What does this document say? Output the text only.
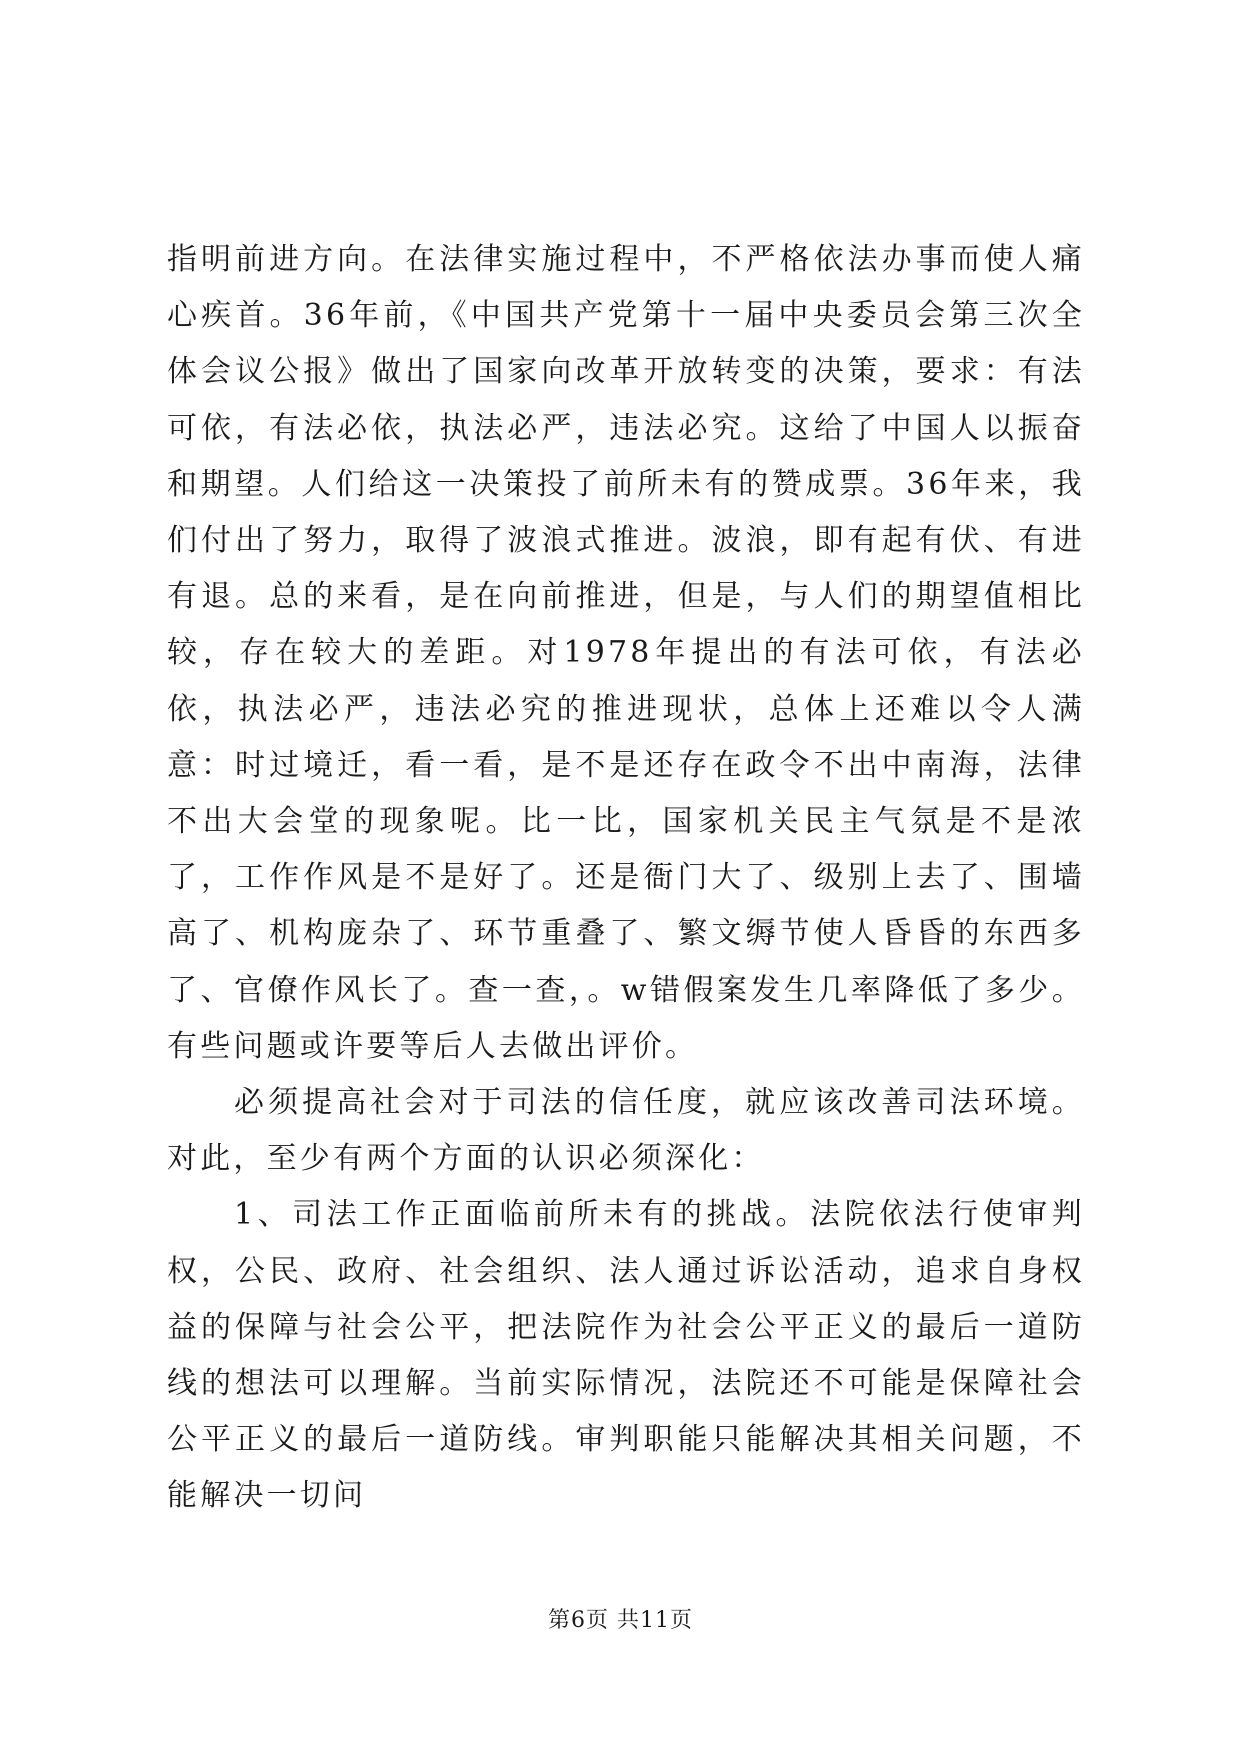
指明前进方向。在法律实施过程中，不严格依法办事而使人痛心疾首。36年前，《中国共产党第十一届中央委员会第三次全体会议公报》做出了国家向改革开放转变的决策，要求：有法可依，有法必依，执法必严，违法必究。这给了中国人以振奋和期望。人们给这一决策投了前所未有的赞成票。36年来，我们付出了努力，取得了波浪式推进。波浪，即有起有伏、有进有退。总的来看，是在向前推进，但是，与人们的期望值相比较，存在较大的差距。对1978年提出的有法可依，有法必依，执法必严，违法必究的推进现状，总体上还难以令人满意：时过境迁，看一看，是不是还存在政令不出中南海，法律不出大会堂的现象呢。比一比，国家机关民主气氛是不是浓了，工作作风是不是好了。还是衙门大了、级别上去了、围墙高了、机构庞杂了、环节重叠了、繁文缛节使人昏昏的东西多了、官僚作风长了。查一查，。w错假案发生几率降低了多少。有些问题或许要等后人去做出评价。

必须提高社会对于司法的信任度，就应该改善司法环境。对此，至少有两个方面的认识必须深化：

1、司法工作正面临前所未有的挑战。法院依法行使审判权，公民、政府、社会组织、法人通过诉讼活动，追求自身权益的保障与社会公平，把法院作为社会公平正义的最后一道防线的想法可以理解。当前实际情况，法院还不可能是保障社会公平正义的最后一道防线。审判职能只能解决其相关问题，不能解决一切问

第6页 共11页
